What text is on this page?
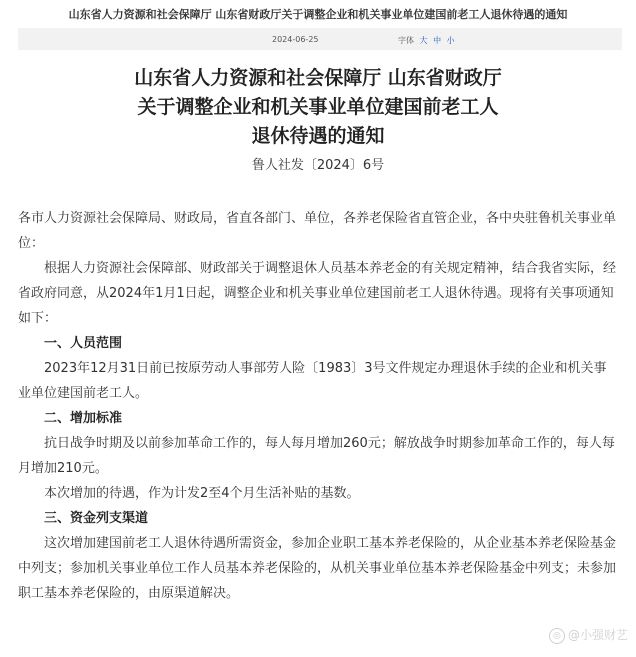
山东省人力资源和社会保障厅 山东省财政厅关于调整企业和机关事业单位建国前老工人退休待遇的通知
2024-06-25	字体 大 中 小
山东省人力资源和社会保障厅 山东省财政厅
关于调整企业和机关事业单位建国前老工人
退休待遇的通知
鲁人社发〔2024〕6号

各市人力资源社会保障局、财政局，省直各部门、单位，各养老保险省直管企业，各中央驻鲁机关事业单位：

根据人力资源社会保障部、财政部关于调整退休人员基本养老金的有关规定精神，结合我省实际，经省政府同意，从2024年1月1日起，调整企业和机关事业单位建国前老工人退休待遇。现将有关事项通知如下：

一、人员范围

2023年12月31日前已按原劳动人事部劳人险〔1983〕3号文件规定办理退休手续的企业和机关事业单位建国前老工人。

二、增加标准

抗日战争时期及以前参加革命工作的，每人每月增加260元；解放战争时期参加革命工作的，每人每月增加210元。

本次增加的待遇，作为计发2至4个月生活补贴的基数。

三、资金列支渠道

这次增加建国前老工人退休待遇所需资金，参加企业职工基本养老保险的，从企业基本养老保险基金中列支；参加机关事业单位工作人员基本养老保险的，从机关事业单位基本养老保险基金中列支；未参加职工基本养老保险的，由原渠道解决。

◎ @小强财艺
